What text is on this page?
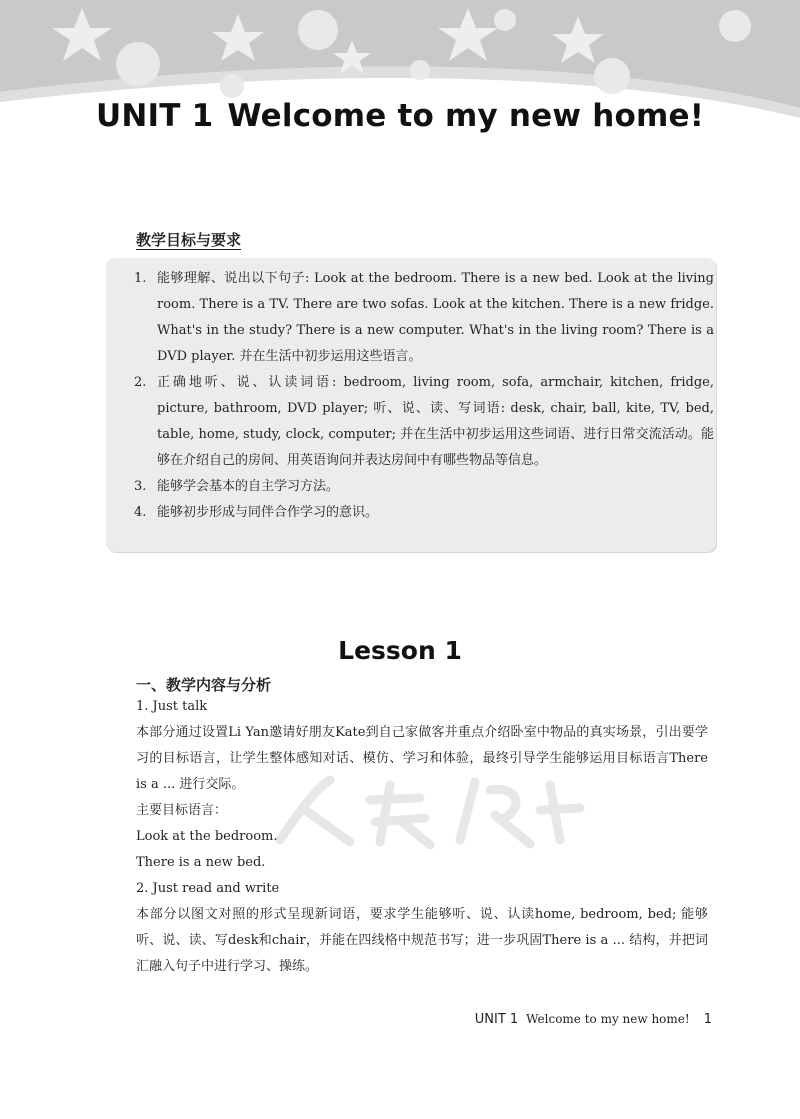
UNIT 1 Welcome to my new home!
教学目标与要求
1. 能够理解、说出以下句子: Look at the bedroom. There is a new bed. Look at the living room. There is a TV. There are two sofas. Look at the kitchen. There is a new fridge. What's in the study? There is a new computer. What's in the living room? There is a DVD player. 并在生活中初步运用这些语言。
2. 正确地听、说、认读词语: bedroom, living room, sofa, armchair, kitchen, fridge, picture, bathroom, DVD player; 听、说、读、写词语: desk, chair, ball, kite, TV, bed, table, home, study, clock, computer; 并在生活中初步运用这些词语、进行日常交流活动。能够在介绍自己的房间、用英语询问并表达房间中有哪些物品等信息。
3. 能够学会基本的自主学习方法。
4. 能够初步形成与同伴合作学习的意识。
Lesson 1
一、教学内容与分析

1. Just talk

本部分通过设置Li Yan邀请好朋友Kate到自己家做客并重点介绍卧室中物品的真实场景，引出要学习的目标语言，让学生整体感知对话、模仿、学习和体验，最终引导学生能够运用目标语言There is a ... 进行交际。

主要目标语言：

Look at the bedroom.

There is a new bed.

2. Just read and write

本部分以图文对照的形式呈现新词语，要求学生能够听、说、认读home, bedroom, bed; 能够听、说、读、写desk和chair，并能在四线格中规范书写；进一步巩固There is a ... 结构，并把词汇融入句子中进行学习、操练。

UNIT 1 Welcome to my new home! 1
